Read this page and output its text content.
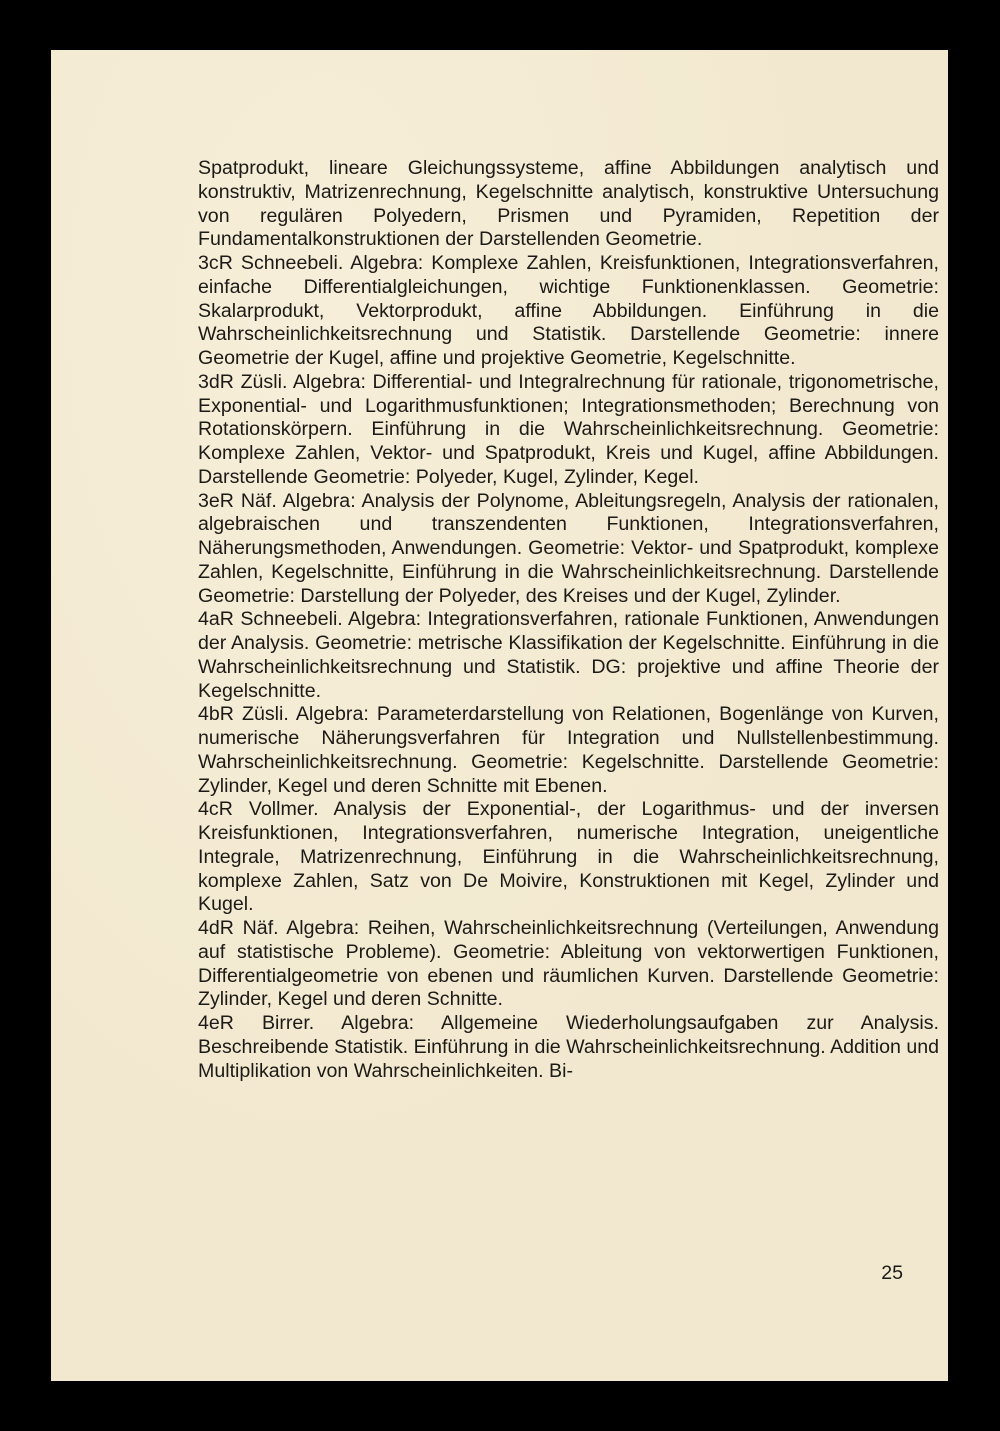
Spatprodukt, lineare Gleichungssysteme, affine Abbildungen analytisch und konstruktiv, Matrizenrechnung, Kegelschnitte analytisch, konstruktive Untersuchung von regulären Polyedern, Prismen und Pyramiden, Repetition der Fundamentalkonstruktionen der Darstellenden Geometrie.

3cR Schneebeli. Algebra: Komplexe Zahlen, Kreisfunktionen, Integrationsverfahren, einfache Differentialgleichungen, wichtige Funktionenklassen. Geometrie: Skalarprodukt, Vektorprodukt, affine Abbildungen. Einführung in die Wahrscheinlichkeitsrechnung und Statistik. Darstellende Geometrie: innere Geometrie der Kugel, affine und projektive Geometrie, Kegelschnitte.

3dR Züsli. Algebra: Differential- und Integralrechnung für rationale, trigonometrische, Exponential- und Logarithmusfunktionen; Integrationsmethoden; Berechnung von Rotationskörpern. Einführung in die Wahrscheinlichkeitsrechnung. Geometrie: Komplexe Zahlen, Vektor- und Spatprodukt, Kreis und Kugel, affine Abbildungen. Darstellende Geometrie: Polyeder, Kugel, Zylinder, Kegel.

3eR Näf. Algebra: Analysis der Polynome, Ableitungsregeln, Analysis der rationalen, algebraischen und transzendenten Funktionen, Integrationsverfahren, Näherungsmethoden, Anwendungen. Geometrie: Vektor- und Spatprodukt, komplexe Zahlen, Kegelschnitte, Einführung in die Wahrscheinlichkeitsrechnung. Darstellende Geometrie: Darstellung der Polyeder, des Kreises und der Kugel, Zylinder.

4aR Schneebeli. Algebra: Integrationsverfahren, rationale Funktionen, Anwendungen der Analysis. Geometrie: metrische Klassifikation der Kegelschnitte. Einführung in die Wahrscheinlichkeitsrechnung und Statistik. DG: projektive und affine Theorie der Kegelschnitte.

4bR Züsli. Algebra: Parameterdarstellung von Relationen, Bogenlänge von Kurven, numerische Näherungsverfahren für Integration und Nullstellenbestimmung. Wahrscheinlichkeitsrechnung. Geometrie: Kegelschnitte. Darstellende Geometrie: Zylinder, Kegel und deren Schnitte mit Ebenen.

4cR Vollmer. Analysis der Exponential-, der Logarithmus- und der inversen Kreisfunktionen, Integrationsverfahren, numerische Integration, uneigentliche Integrale, Matrizenrechnung, Einführung in die Wahrscheinlichkeitsrechnung, komplexe Zahlen, Satz von De Moivire, Konstruktionen mit Kegel, Zylinder und Kugel.

4dR Näf. Algebra: Reihen, Wahrscheinlichkeitsrechnung (Verteilungen, Anwendung auf statistische Probleme). Geometrie: Ableitung von vektorwertigen Funktionen, Differentialgeometrie von ebenen und räumlichen Kurven. Darstellende Geometrie: Zylinder, Kegel und deren Schnitte.

4eR Birrer. Algebra: Allgemeine Wiederholungsaufgaben zur Analysis. Beschreibende Statistik. Einführung in die Wahrscheinlichkeitsrechnung. Addition und Multiplikation von Wahrscheinlichkeiten. Bi-

25
